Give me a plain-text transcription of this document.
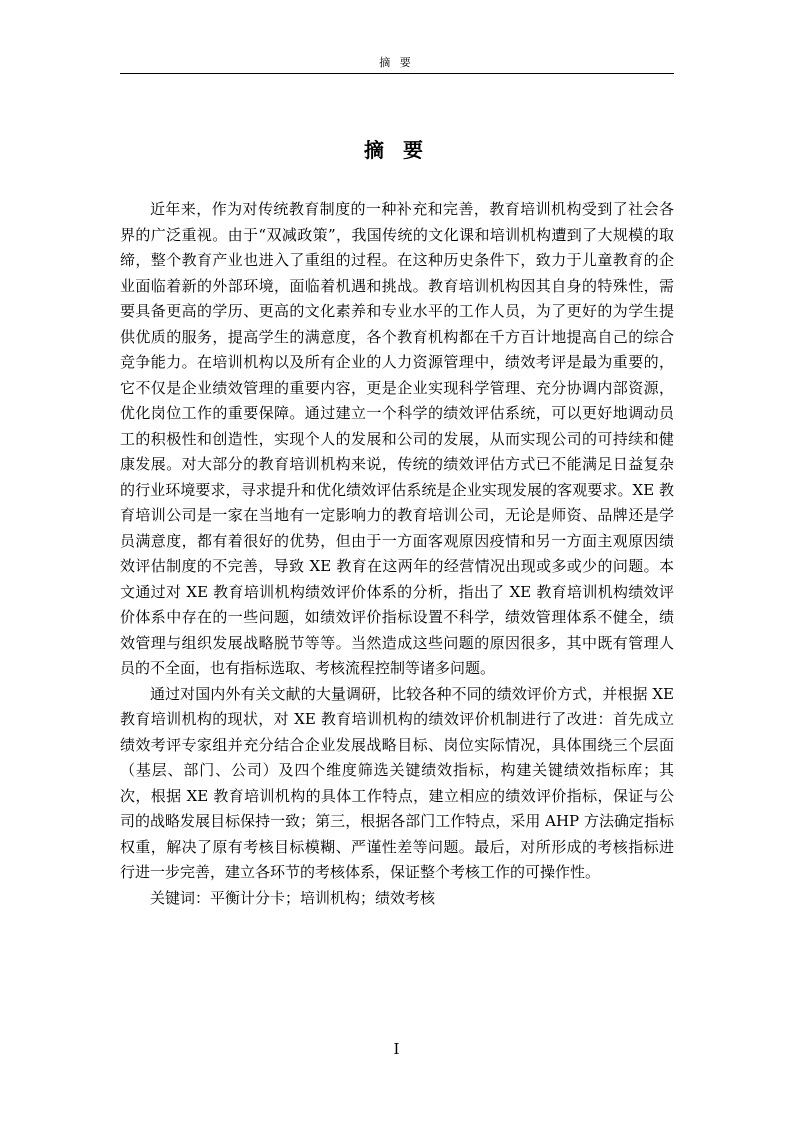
摘 要
摘 要

近年来，作为对传统教育制度的一种补充和完善，教育培训机构受到了社会各界的广泛重视。由于“双减政策”，我国传统的文化课和培训机构遭到了大规模的取缔，整个教育产业也进入了重组的过程。在这种历史条件下，致力于儿童教育的企业面临着新的外部环境，面临着机遇和挑战。教育培训机构因其自身的特殊性，需要具备更高的学历、更高的文化素养和专业水平的工作人员，为了更好的为学生提供优质的服务，提高学生的满意度，各个教育机构都在千方百计地提高自己的综合竞争能力。在培训机构以及所有企业的人力资源管理中，绩效考评是最为重要的，它不仅是企业绩效管理的重要内容，更是企业实现科学管理、充分协调内部资源，优化岗位工作的重要保障。通过建立一个科学的绩效评估系统，可以更好地调动员工的积极性和创造性，实现个人的发展和公司的发展，从而实现公司的可持续和健康发展。对大部分的教育培训机构来说，传统的绩效评估方式已不能满足日益复杂的行业环境要求，寻求提升和优化绩效评估系统是企业实现发展的客观要求。XE 教育培训公司是一家在当地有一定影响力的教育培训公司，无论是师资、品牌还是学员满意度，都有着很好的优势，但由于一方面客观原因疫情和另一方面主观原因绩效评估制度的不完善，导致 XE 教育在这两年的经营情况出现或多或少的问题。本文通过对 XE 教育培训机构绩效评价体系的分析，指出了 XE 教育培训机构绩效评价体系中存在的一些问题，如绩效评价指标设置不科学，绩效管理体系不健全，绩效管理与组织发展战略脱节等等。当然造成这些问题的原因很多，其中既有管理人员的不全面，也有指标选取、考核流程控制等诸多问题。

通过对国内外有关文献的大量调研，比较各种不同的绩效评价方式，并根据 XE 教育培训机构的现状，对 XE 教育培训机构的绩效评价机制进行了改进：首先成立绩效考评专家组并充分结合企业发展战略目标、岗位实际情况，具体围绕三个层面（基层、部门、公司）及四个维度筛选关键绩效指标，构建关键绩效指标库；其次，根据 XE 教育培训机构的具体工作特点，建立相应的绩效评价指标，保证与公司的战略发展目标保持一致；第三，根据各部门工作特点，采用 AHP 方法确定指标权重，解决了原有考核目标模糊、严谨性差等问题。最后，对所形成的考核指标进行进一步完善，建立各环节的考核体系，保证整个考核工作的可操作性。

关键词：平衡计分卡；培训机构；绩效考核

I
